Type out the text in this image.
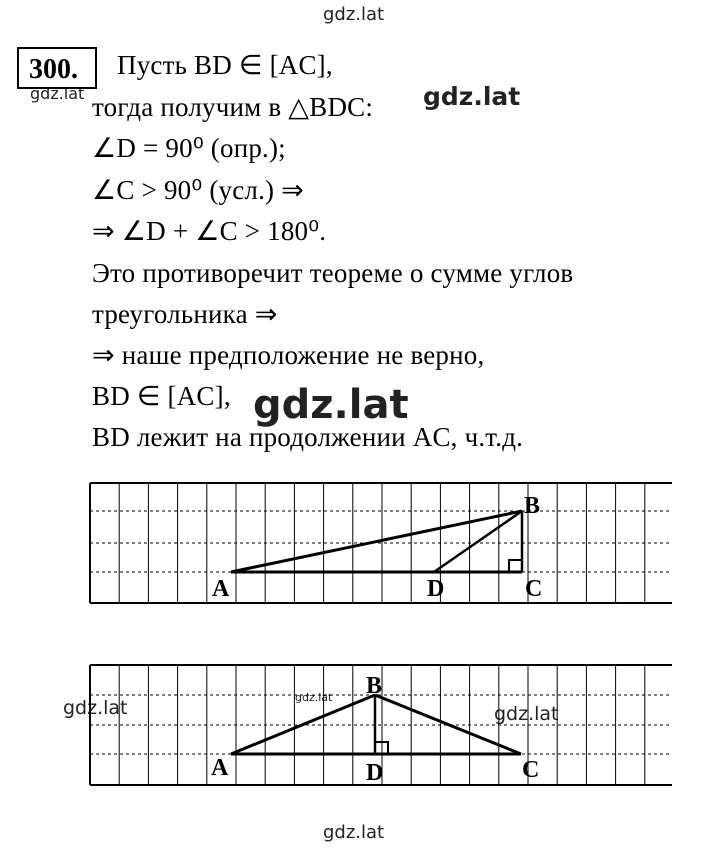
gdz.lat
gdz.lat	gdz.lat
gdz.lat
gdz.lat	gdz.lat
gdz.lat
gdz.lat
300.	Пусть BD ∈ [AC],
тогда получим в △BDC:
∠D = 90⁰ (опр.);
∠C > 90⁰ (усл.) ⇒
⇒ ∠D + ∠C > 180⁰.
Это противоречит теореме о сумме углов
треугольника ⇒
⇒ наше предположение не верно,
BD ∈ [AC],
BD лежит на продолжении AC, ч.т.д.
A
B
C
D
A
B
C
D
